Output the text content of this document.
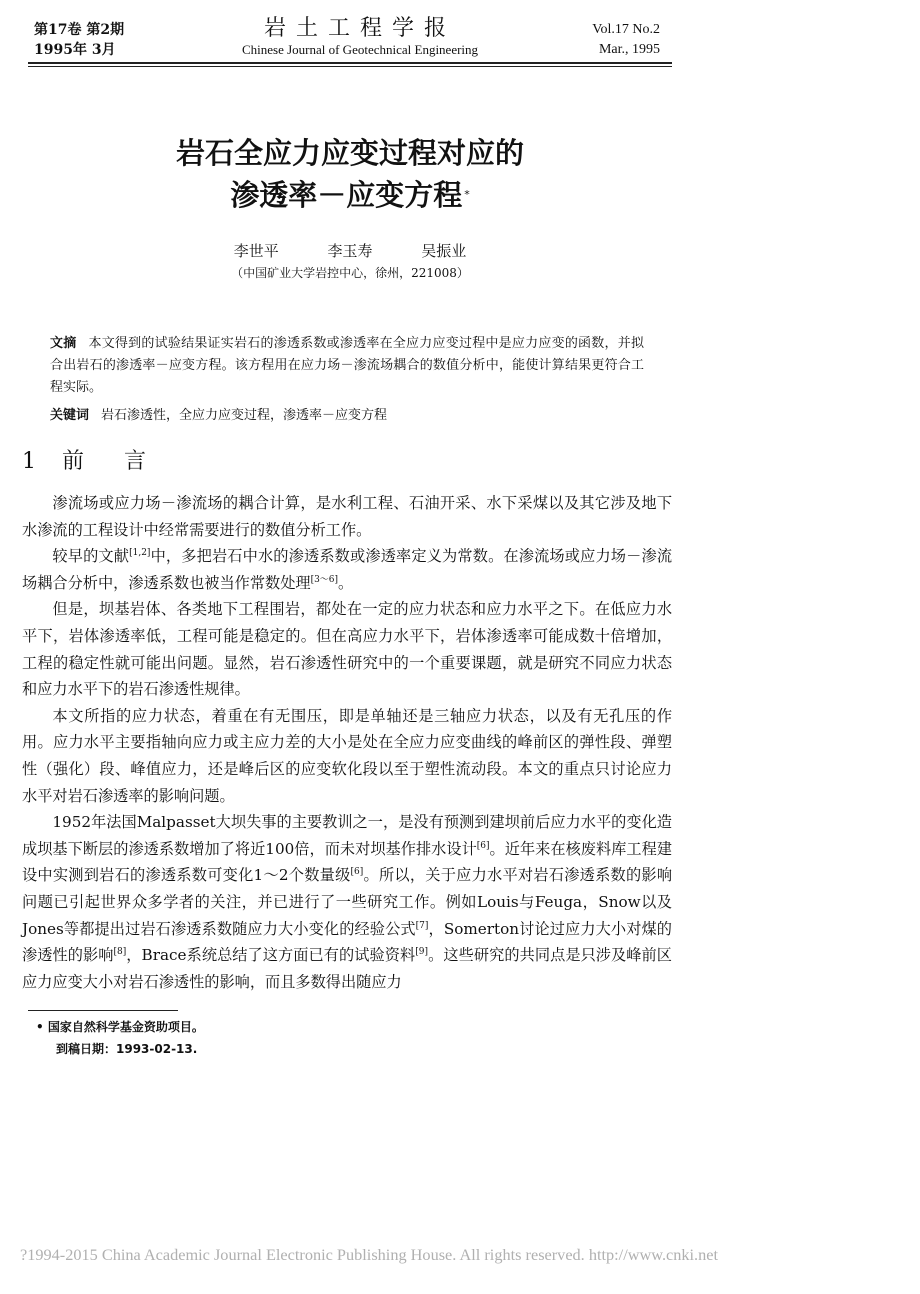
第17卷 第2期
1995年 3月
岩土工程学报
Chinese Journal of Geotechnical Engineering
Vol.17 No.2
Mar., 1995
岩石全应力应变过程对应的
渗透率－应变方程 *
李世平	李玉寿	吴振业
（中国矿业大学岩控中心，徐州，221008）
文摘 本文得到的试验结果证实岩石的渗透系数或渗透率在全应力应变过程中是应力应变的函数，并拟合出岩石的渗透率－应变方程。该方程用在应力场－渗流场耦合的数值分析中，能使计算结果更符合工程实际。
关键词 岩石渗透性，全应力应变过程，渗透率－应变方程
1 前言

渗流场或应力场－渗流场的耦合计算，是水利工程、石油开采、水下采煤以及其它涉及地下水渗流的工程设计中经常需要进行的数值分析工作。

较早的文献[1,2]中，多把岩石中水的渗透系数或渗透率定义为常数。在渗流场或应力场－渗流场耦合分析中，渗透系数也被当作常数处理[3～6]。

但是，坝基岩体、各类地下工程围岩，都处在一定的应力状态和应力水平之下。在低应力水平下，岩体渗透率低，工程可能是稳定的。但在高应力水平下，岩体渗透率可能成数十倍增加，工程的稳定性就可能出问题。显然，岩石渗透性研究中的一个重要课题，就是研究不同应力状态和应力水平下的岩石渗透性规律。

本文所指的应力状态，着重在有无围压，即是单轴还是三轴应力状态，以及有无孔压的作用。应力水平主要指轴向应力或主应力差的大小是处在全应力应变曲线的峰前区的弹性段、弹塑性（强化）段、峰值应力，还是峰后区的应变软化段以至于塑性流动段。本文的重点只讨论应力水平对岩石渗透率的影响问题。

1952年法国Malpasset大坝失事的主要教训之一，是没有预测到建坝前后应力水平的变化造成坝基下断层的渗透系数增加了将近100倍，而未对坝基作排水设计[6]。近年来在核废料库工程建设中实测到岩石的渗透系数可变化1～2个数量级[6]。所以，关于应力水平对岩石渗透系数的影响问题已引起世界众多学者的关注，并已进行了一些研究工作。例如Louis与Feuga，Snow以及Jones等都提出过岩石渗透系数随应力大小变化的经验公式[7]，Somerton讨论过应力大小对煤的渗透性的影响[8]，Brace系统总结了这方面已有的试验资料[9]。这些研究的共同点是只涉及峰前区应力应变大小对岩石渗透性的影响，而且多数得出随应力

• 国家自然科学基金资助项目。
到稿日期：1993-02-13.
?1994-2015 China Academic Journal Electronic Publishing House. All rights reserved. http://www.cnki.net
